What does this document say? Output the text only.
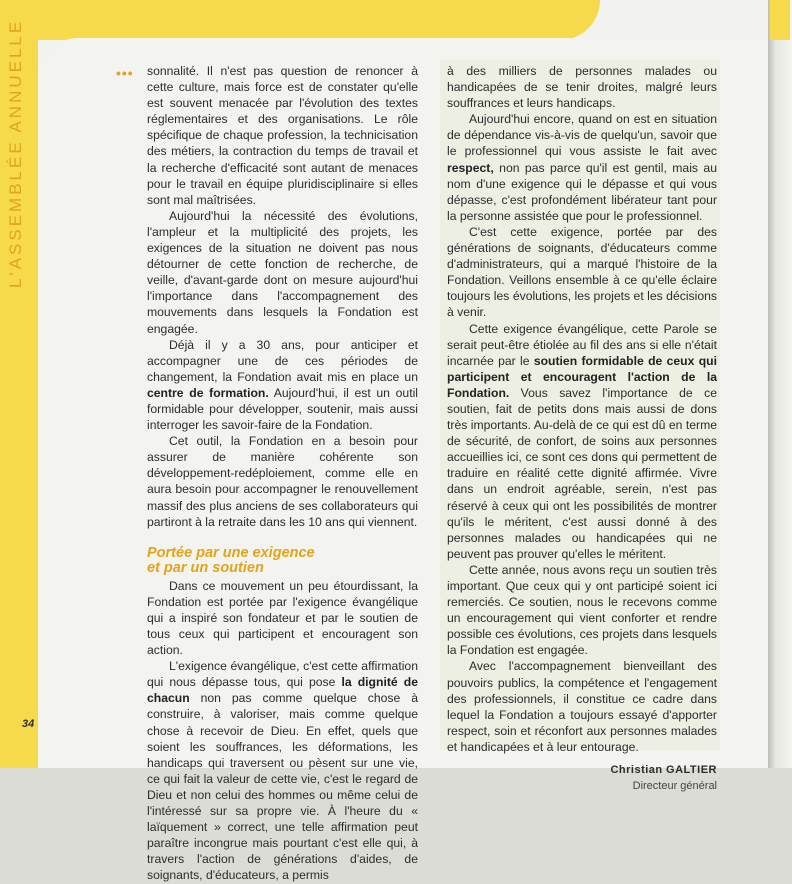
••• sonnalité. Il n'est pas question de renoncer à cette culture, mais force est de constater qu'elle est souvent menacée par l'évolution des textes réglementaires et des organisations. Le rôle spécifique de chaque profession, la technicisation des métiers, la contraction du temps de travail et la recherche d'efficacité sont autant de menaces pour le travail en équipe pluridisciplinaire si elles sont mal maîtrisées.

Aujourd'hui la nécessité des évolutions, l'ampleur et la multiplicité des projets, les exigences de la situation ne doivent pas nous détourner de cette fonction de recherche, de veille, d'avant-garde dont on mesure aujourd'hui l'importance dans l'accompagnement des mouvements dans lesquels la Fondation est engagée.

Déjà il y a 30 ans, pour anticiper et accompagner une de ces périodes de changement, la Fondation avait mis en place un centre de formation. Aujourd'hui, il est un outil formidable pour développer, soutenir, mais aussi interroger les savoir-faire de la Fondation.

Cet outil, la Fondation en a besoin pour assurer de manière cohérente son développement-redéploiement, comme elle en aura besoin pour accompagner le renouvellement massif des plus anciens de ses collaborateurs qui partiront à la retraite dans les 10 ans qui viennent.

Portée par une exigence
et par un soutien

Dans ce mouvement un peu étourdissant, la Fondation est portée par l'exigence évangélique qui a inspiré son fondateur et par le soutien de tous ceux qui participent et encouragent son action.

L'exigence évangélique, c'est cette affirmation qui nous dépasse tous, qui pose la dignité de chacun non pas comme quelque chose à construire, à valoriser, mais comme quelque chose à recevoir de Dieu. En effet, quels que soient les souffrances, les déformations, les handicaps qui traversent ou pèsent sur une vie, ce qui fait la valeur de cette vie, c'est le regard de Dieu et non celui des hommes ou même celui de l'intéressé sur sa propre vie. À l'heure du « laïquement » correct, une telle affirmation peut paraître incongrue mais pourtant c'est elle qui, à travers l'action de générations d'aides, de soignants, d'éducateurs, a permis

à des milliers de personnes malades ou handicapées de se tenir droites, malgré leurs souffrances et leurs handicaps.

Aujourd'hui encore, quand on est en situation de dépendance vis-à-vis de quelqu'un, savoir que le professionnel qui vous assiste le fait avec respect, non pas parce qu'il est gentil, mais au nom d'une exigence qui le dépasse et qui vous dépasse, c'est profondément libérateur tant pour la personne assistée que pour le professionnel.

C'est cette exigence, portée par des générations de soignants, d'éducateurs comme d'administrateurs, qui a marqué l'histoire de la Fondation. Veillons ensemble à ce qu'elle éclaire toujours les évolutions, les projets et les décisions à venir.

Cette exigence évangélique, cette Parole se serait peut-être étiolée au fil des ans si elle n'était incarnée par le soutien formidable de ceux qui participent et encouragent l'action de la Fondation. Vous savez l'importance de ce soutien, fait de petits dons mais aussi de dons très importants. Au-delà de ce qui est dû en terme de sécurité, de confort, de soins aux personnes accueillies ici, ce sont ces dons qui permettent de traduire en réalité cette dignité affirmée. Vivre dans un endroit agréable, serein, n'est pas réservé à ceux qui ont les possibilités de montrer qu'ils le méritent, c'est aussi donné à des personnes malades ou handicapées qui ne peuvent pas prouver qu'elles le méritent.

Cette année, nous avons reçu un soutien très important. Que ceux qui y ont participé soient ici remerciés. Ce soutien, nous le recevons comme un encouragement qui vient conforter et rendre possible ces évolutions, ces projets dans lesquels la Fondation est engagée.

Avec l'accompagnement bienveillant des pouvoirs publics, la compétence et l'engagement des professionnels, il constitue ce cadre dans lequel la Fondation a toujours essayé d'apporter respect, soin et réconfort aux personnes malades et handicapées et à leur entourage.

Christian GALTIER

Directeur général
34
